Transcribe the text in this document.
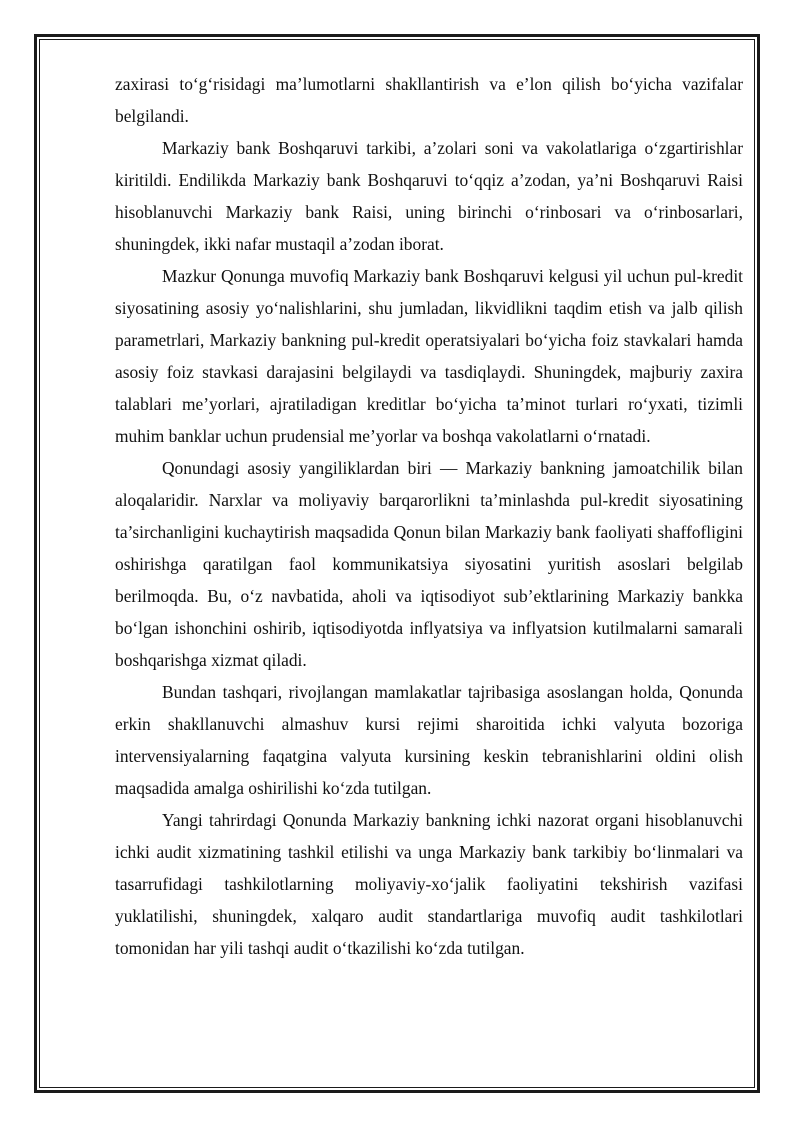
zaxirasi to‘g‘risidagi ma’lumotlarni shakllantirish va e’lon qilish bo‘yicha vazifalar belgilandi.

Markaziy bank Boshqaruvi tarkibi, a’zolari soni va vakolatlariga o‘zgartirishlar kiritildi. Endilikda Markaziy bank Boshqaruvi to‘qqiz a’zodan, ya’ni Boshqaruvi Raisi hisoblanuvchi Markaziy bank Raisi, uning birinchi o‘rinbosari va o‘rinbosarlari, shuningdek, ikki nafar mustaqil a’zodan iborat.

Mazkur Qonunga muvofiq Markaziy bank Boshqaruvi kelgusi yil uchun pul-kredit siyosatining asosiy yo‘nalishlarini, shu jumladan, likvidlikni taqdim etish va jalb qilish parametrlari, Markaziy bankning pul-kredit operatsiyalari bo‘yicha foiz stavkalari hamda asosiy foiz stavkasi darajasini belgilaydi va tasdiqlaydi. Shuningdek, majburiy zaxira talablari me’yorlari, ajratiladigan kreditlar bo‘yicha ta’minot turlari ro‘yxati, tizimli muhim banklar uchun prudensial me’yorlar va boshqa vakolatlarni o‘rnatadi.

Qonundagi asosiy yangiliklardan biri — Markaziy bankning jamoatchilik bilan aloqalaridir. Narxlar va moliyaviy barqarorlikni ta’minlashda pul-kredit siyosatining ta’sirchanligini kuchaytirish maqsadida Qonun bilan Markaziy bank faoliyati shaffofligini oshirishga qaratilgan faol kommunikatsiya siyosatini yuritish asoslari belgilab berilmoqda. Bu, o‘z navbatida, aholi va iqtisodiyot sub’ektlarining Markaziy bankka bo‘lgan ishonchini oshirib, iqtisodiyotda inflyatsiya va inflyatsion kutilmalarni samarali boshqarishga xizmat qiladi.

Bundan tashqari, rivojlangan mamlakatlar tajribasiga asoslangan holda, Qonunda erkin shakllanuvchi almashuv kursi rejimi sharoitida ichki valyuta bozoriga intervensiyalarning faqatgina valyuta kursining keskin tebranishlarini oldini olish maqsadida amalga oshirilishi ko‘zda tutilgan.

Yangi tahrirdagi Qonunda Markaziy bankning ichki nazorat organi hisoblanuvchi ichki audit xizmatining tashkil etilishi va unga Markaziy bank tarkibiy bo‘linmalari va tasarrufidagi tashkilotlarning moliyaviy-xo‘jalik faoliyatini tekshirish vazifasi yuklatilishi, shuningdek, xalqaro audit standartlariga muvofiq audit tashkilotlari tomonidan har yili tashqi audit o‘tkazilishi ko‘zda tutilgan.
